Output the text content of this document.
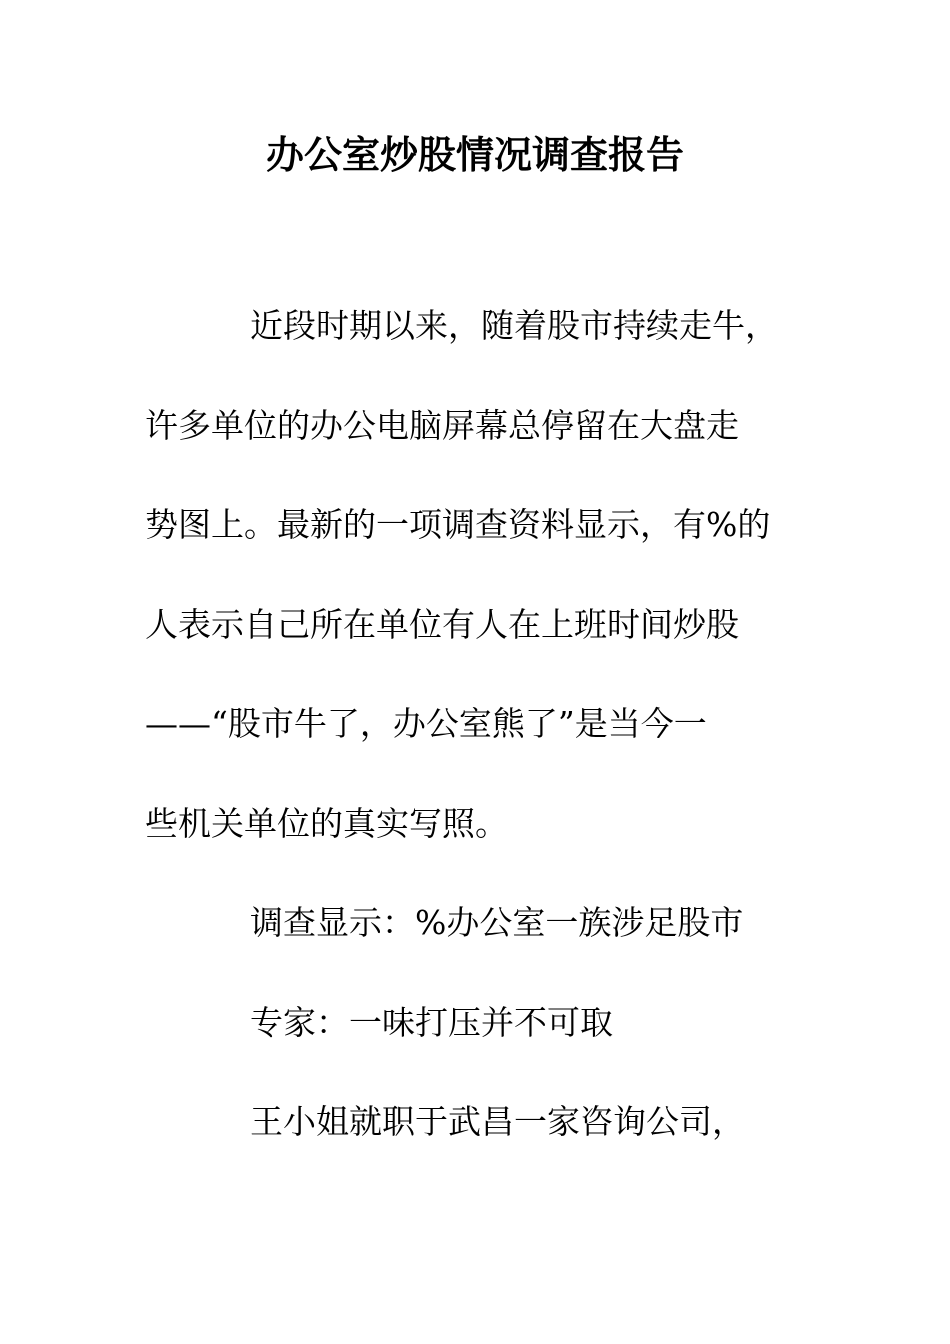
办公室炒股情况调查报告
近段时期以来，随着股市持续走牛，
许多单位的办公电脑屏幕总停留在大盘走
势图上。最新的一项调查资料显示，有%的
人表示自己所在单位有人在上班时间炒股
——“股市牛了，办公室熊了”是当今一
些机关单位的真实写照。
调查显示：%办公室一族涉足股市
专家：一味打压并不可取
王小姐就职于武昌一家咨询公司，
